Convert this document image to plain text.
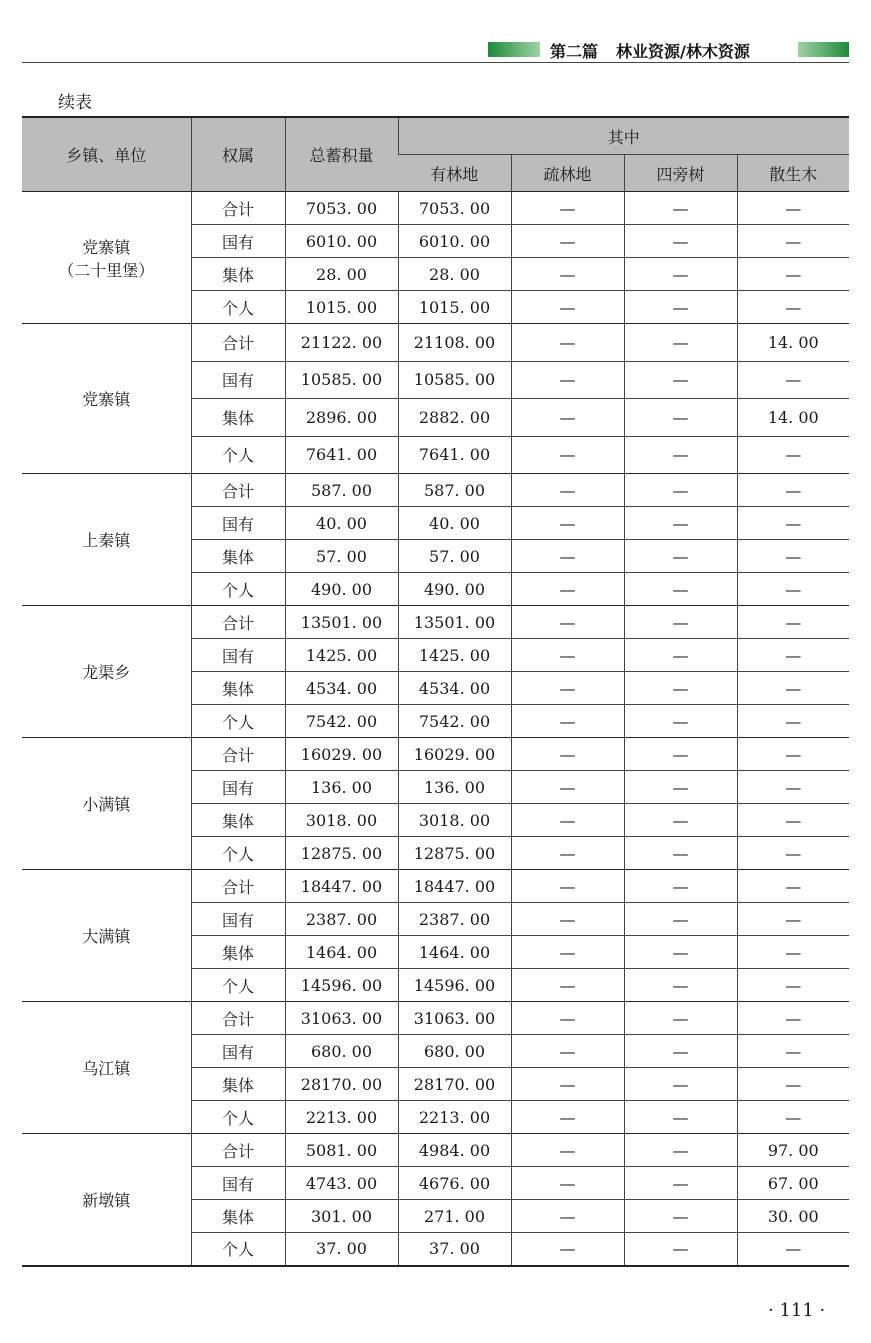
第二篇 林业资源/林木资源
续表
乡镇、单位	权属	总蓄积量	其中			
			有林地	疏林地	四旁树	散生木

党寨镇
（二十里堡）	合计	7053. 00	7053. 00	—	—	—
	国有	6010. 00	6010. 00	—	—	—
	集体	28. 00	28. 00	—	—	—
	个人	1015. 00	1015. 00	—	—	—

党寨镇	合计	21122. 00	21108. 00	—	—	14. 00
	国有	10585. 00	10585. 00	—	—	—
	集体	2896. 00	2882. 00	—	—	14. 00
	个人	7641. 00	7641. 00	—	—	—

上秦镇	合计	587. 00	587. 00	—	—	—
	国有	40. 00	40. 00	—	—	—
	集体	57. 00	57. 00	—	—	—
	个人	490. 00	490. 00	—	—	—

龙渠乡	合计	13501. 00	13501. 00	—	—	—
	国有	1425. 00	1425. 00	—	—	—
	集体	4534. 00	4534. 00	—	—	—
	个人	7542. 00	7542. 00	—	—	—

小满镇	合计	16029. 00	16029. 00	—	—	—
	国有	136. 00	136. 00	—	—	—
	集体	3018. 00	3018. 00	—	—	—
	个人	12875. 00	12875. 00	—	—	—

大满镇	合计	18447. 00	18447. 00	—	—	—
	国有	2387. 00	2387. 00	—	—	—
	集体	1464. 00	1464. 00	—	—	—
	个人	14596. 00	14596. 00	—	—	—

乌江镇	合计	31063. 00	31063. 00	—	—	—
	国有	680. 00	680. 00	—	—	—
	集体	28170. 00	28170. 00	—	—	—
	个人	2213. 00	2213. 00	—	—	—

新墩镇	合计	5081. 00	4984. 00	—	—	97. 00
	国有	4743. 00	4676. 00	—	—	67. 00
	集体	301. 00	271. 00	—	—	30. 00
	个人	37. 00	37. 00	—	—	—
· 111 ·
